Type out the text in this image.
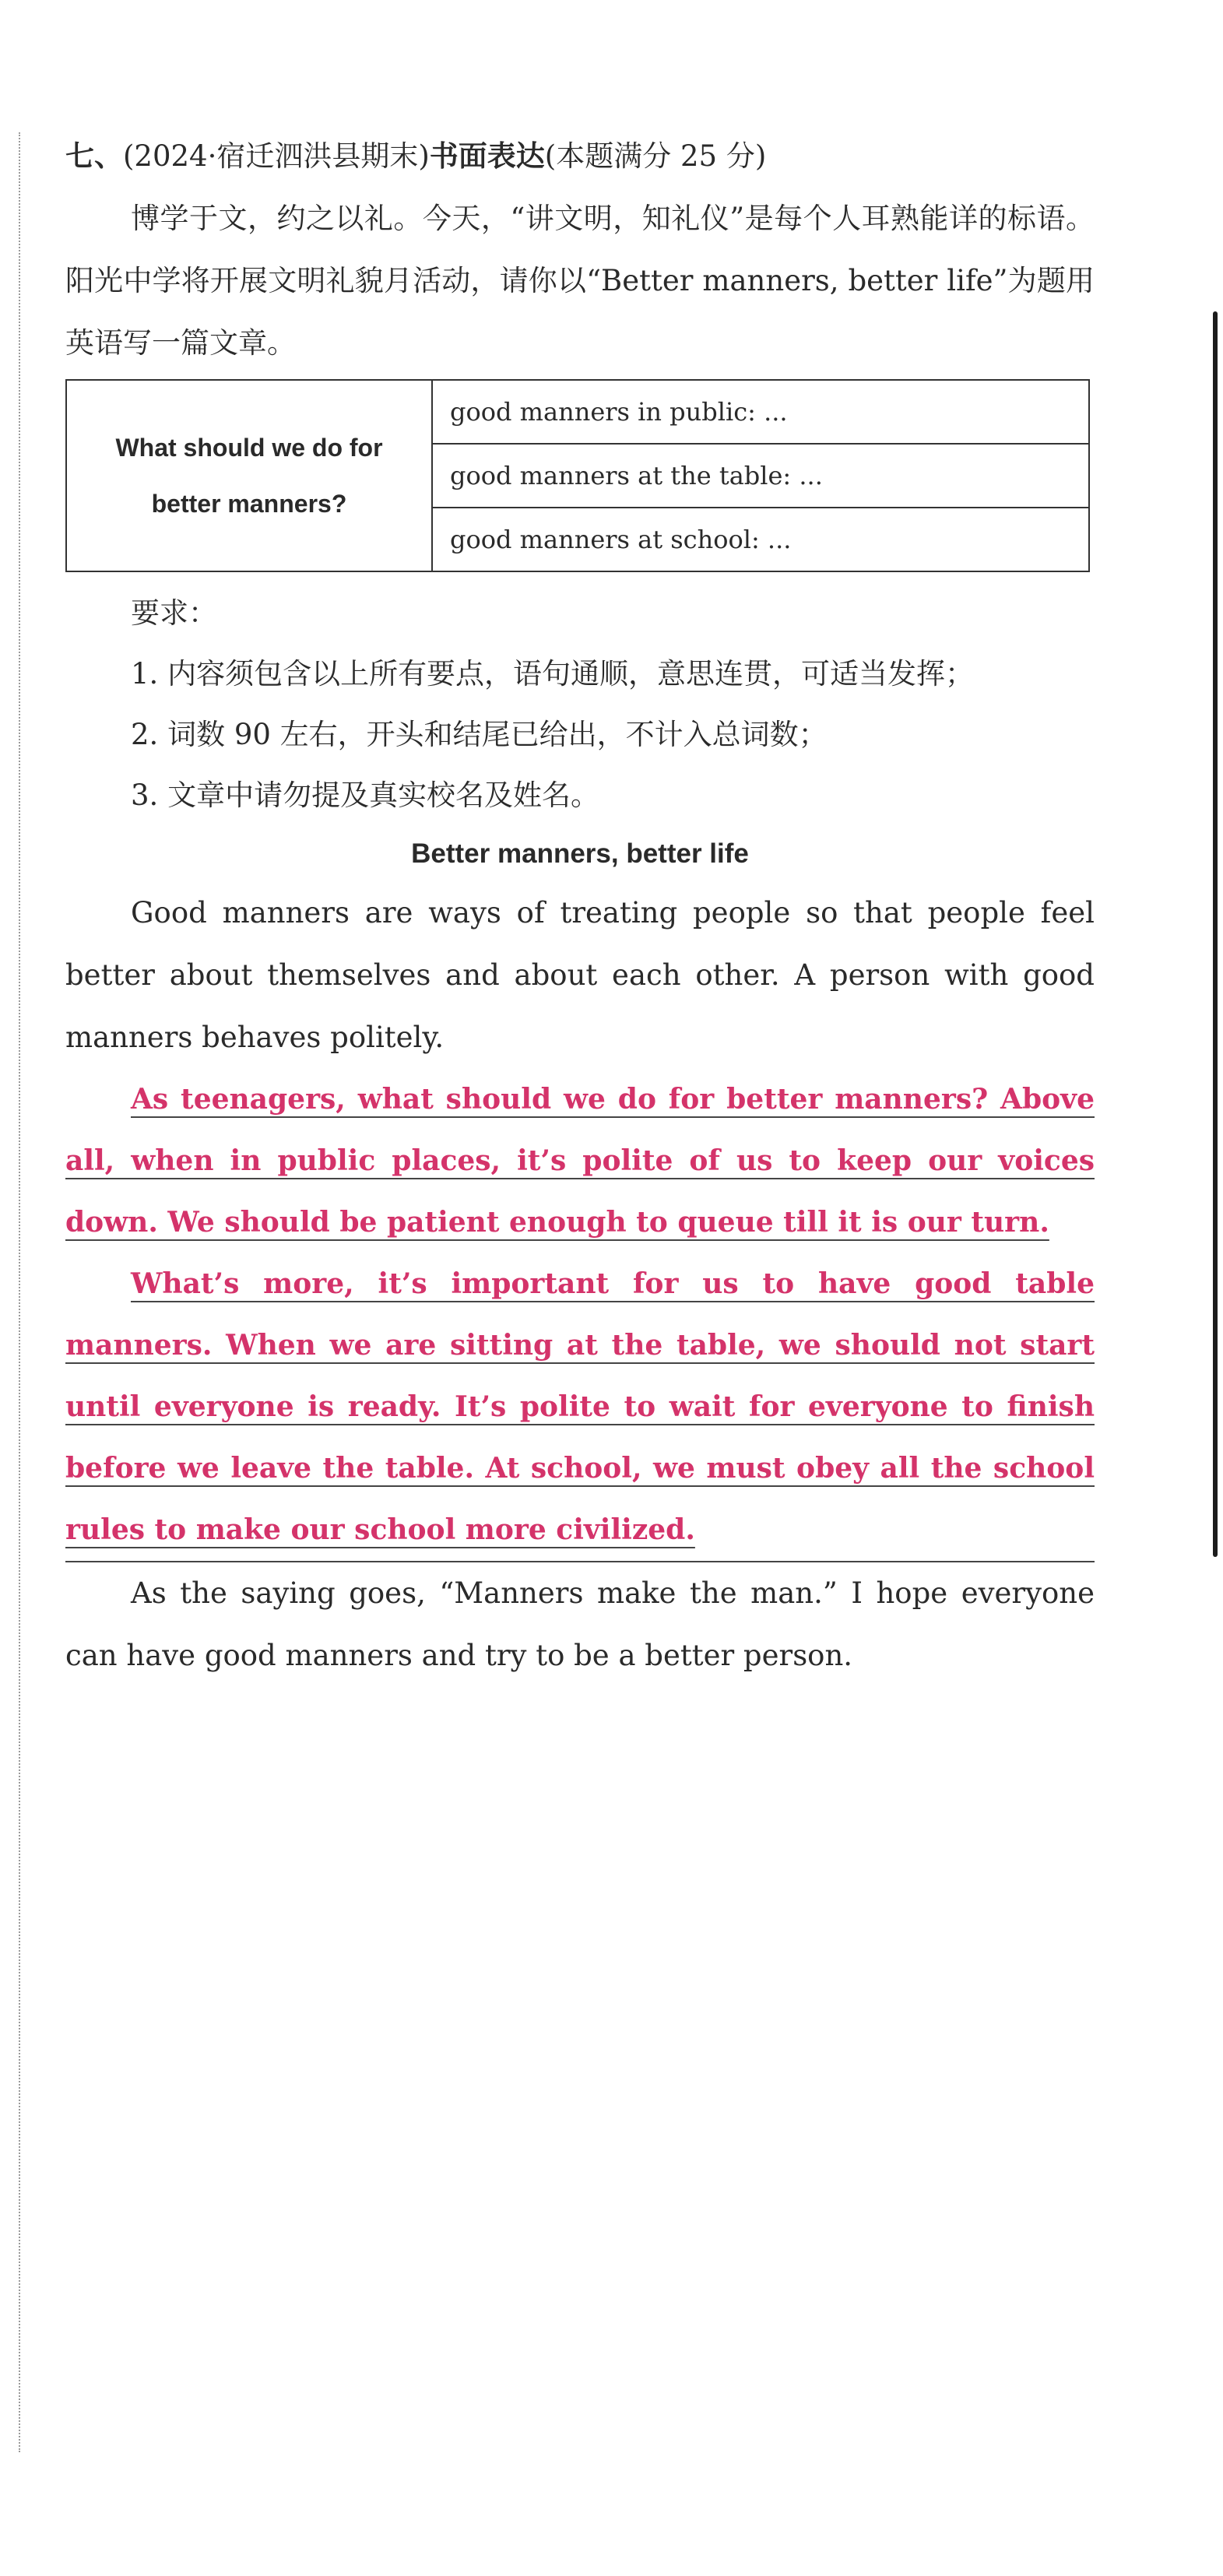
七、(2024·宿迁泗洪县期末)书面表达(本题满分 25 分)

博学于文，约之以礼。今天，“讲文明，知礼仪”是每个人耳熟能详的标语。阳光中学将开展文明礼貌月活动，请你以“Better manners, better life”为题用英语写一篇文章。

What should we do for better manners?	good manners in public: ...
good manners at the table: ...
good manners at school: ...

要求：

1. 内容须包含以上所有要点，语句通顺，意思连贯，可适当发挥；

2. 词数 90 左右，开头和结尾已给出，不计入总词数；

3. 文章中请勿提及真实校名及姓名。

Better manners, better life

Good manners are ways of treating people so that people feel better about themselves and about each other. A person with good manners behaves politely.

As teenagers, what should we do for better manners? Above all, when in public places, it’s polite of us to keep our voices down. We should be patient enough to queue till it is our turn.

What’s more, it’s important for us to have good table manners. When we are sitting at the table, we should not start until everyone is ready. It’s polite to wait for everyone to finish before we leave the table. At school, we must obey all the school rules to make our school more civilized.

As the saying goes, “Manners make the man.” I hope everyone can have good manners and try to be a better person.
